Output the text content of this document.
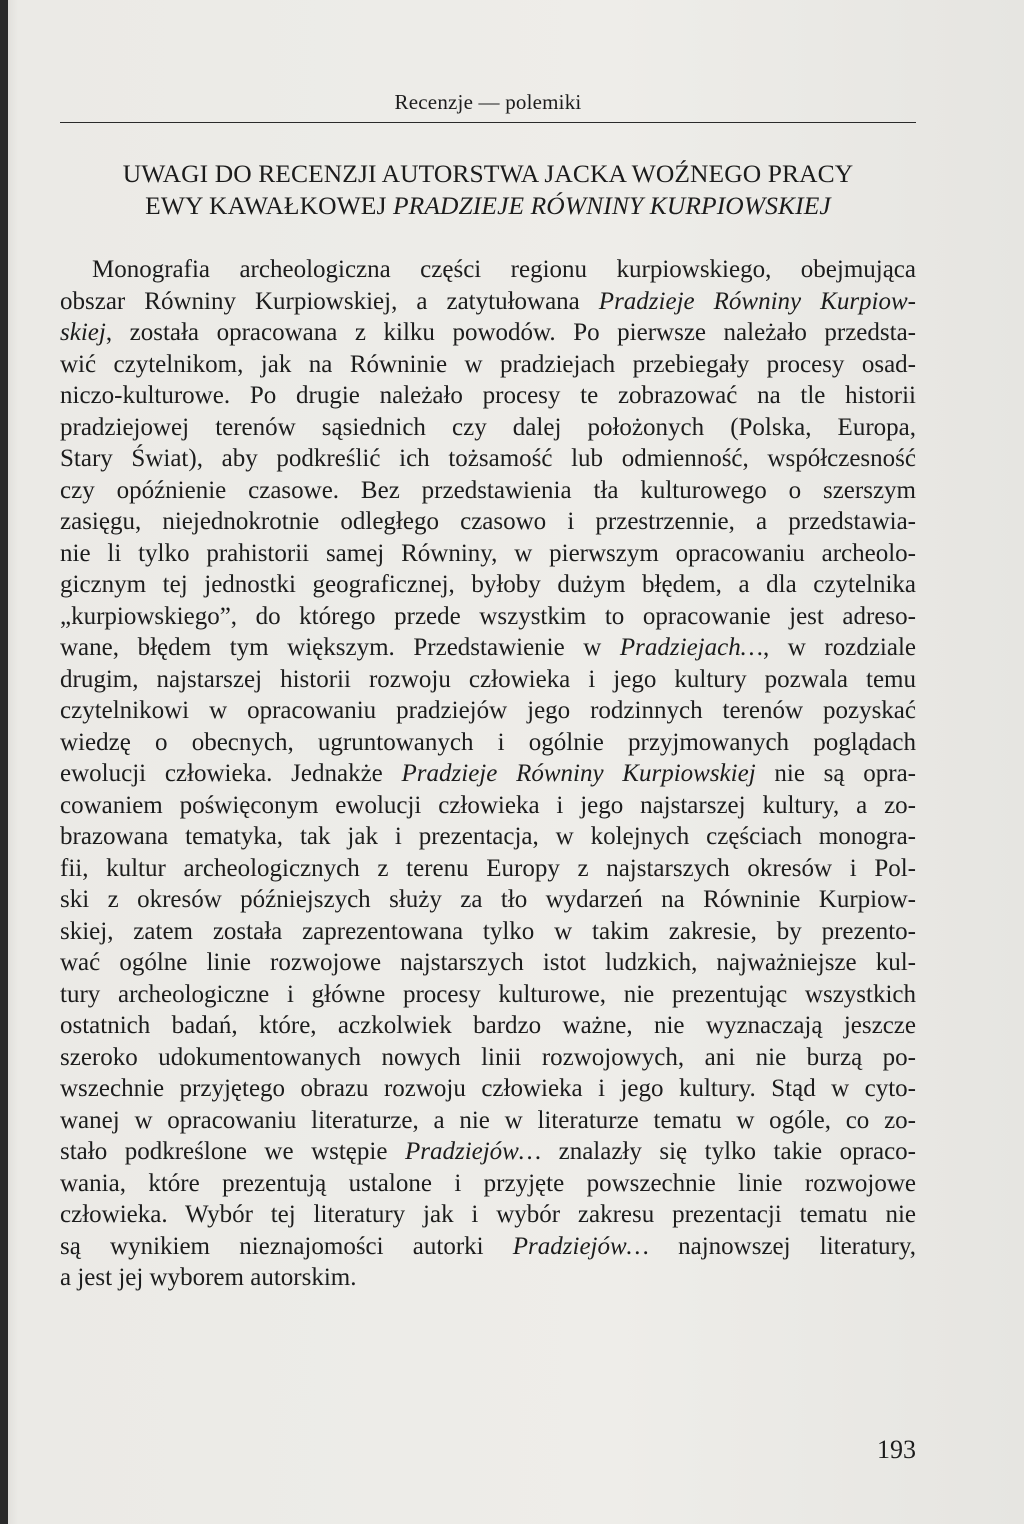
Recenzje — polemiki
UWAGI DO RECENZJI AUTORSTWA JACKA WOŹNEGO PRACY
EWY KAWAŁKOWEJ PRADZIEJE RÓWNINY KURPIOWSKIEJ
Monografia archeologiczna części regionu kurpiowskiego, obejmująca
obszar Równiny Kurpiowskiej, a zatytułowana Pradzieje Równiny Kurpiow-
skiej, została opracowana z kilku powodów. Po pierwsze należało przedsta-
wić czytelnikom, jak na Równinie w pradziejach przebiegały procesy osad-
niczo-kulturowe. Po drugie należało procesy te zobrazować na tle historii
pradziejowej terenów sąsiednich czy dalej położonych (Polska, Europa,
Stary Świat), aby podkreślić ich tożsamość lub odmienność, współczesność
czy opóźnienie czasowe. Bez przedstawienia tła kulturowego o szerszym
zasięgu, niejednokrotnie odległego czasowo i przestrzennie, a przedstawia-
nie li tylko prahistorii samej Równiny, w pierwszym opracowaniu archeolo-
gicznym tej jednostki geograficznej, byłoby dużym błędem, a dla czytelnika
„kurpiowskiego”, do którego przede wszystkim to opracowanie jest adreso-
wane, błędem tym większym. Przedstawienie w Pradziejach…, w rozdziale
drugim, najstarszej historii rozwoju człowieka i jego kultury pozwala temu
czytelnikowi w opracowaniu pradziejów jego rodzinnych terenów pozyskać
wiedzę o obecnych, ugruntowanych i ogólnie przyjmowanych poglądach
ewolucji człowieka. Jednakże Pradzieje Równiny Kurpiowskiej nie są opra-
cowaniem poświęconym ewolucji człowieka i jego najstarszej kultury, a zo-
brazowana tematyka, tak jak i prezentacja, w kolejnych częściach monogra-
fii, kultur archeologicznych z terenu Europy z najstarszych okresów i Pol-
ski z okresów późniejszych służy za tło wydarzeń na Równinie Kurpiow-
skiej, zatem została zaprezentowana tylko w takim zakresie, by prezento-
wać ogólne linie rozwojowe najstarszych istot ludzkich, najważniejsze kul-
tury archeologiczne i główne procesy kulturowe, nie prezentując wszystkich
ostatnich badań, które, aczkolwiek bardzo ważne, nie wyznaczają jeszcze
szeroko udokumentowanych nowych linii rozwojowych, ani nie burzą po-
wszechnie przyjętego obrazu rozwoju człowieka i jego kultury. Stąd w cyto-
wanej w opracowaniu literaturze, a nie w literaturze tematu w ogóle, co zo-
stało podkreślone we wstępie Pradziejów… znalazły się tylko takie opraco-
wania, które prezentują ustalone i przyjęte powszechnie linie rozwojowe
człowieka. Wybór tej literatury jak i wybór zakresu prezentacji tematu nie
są wynikiem nieznajomości autorki Pradziejów… najnowszej literatury,
a jest jej wyborem autorskim.
193
